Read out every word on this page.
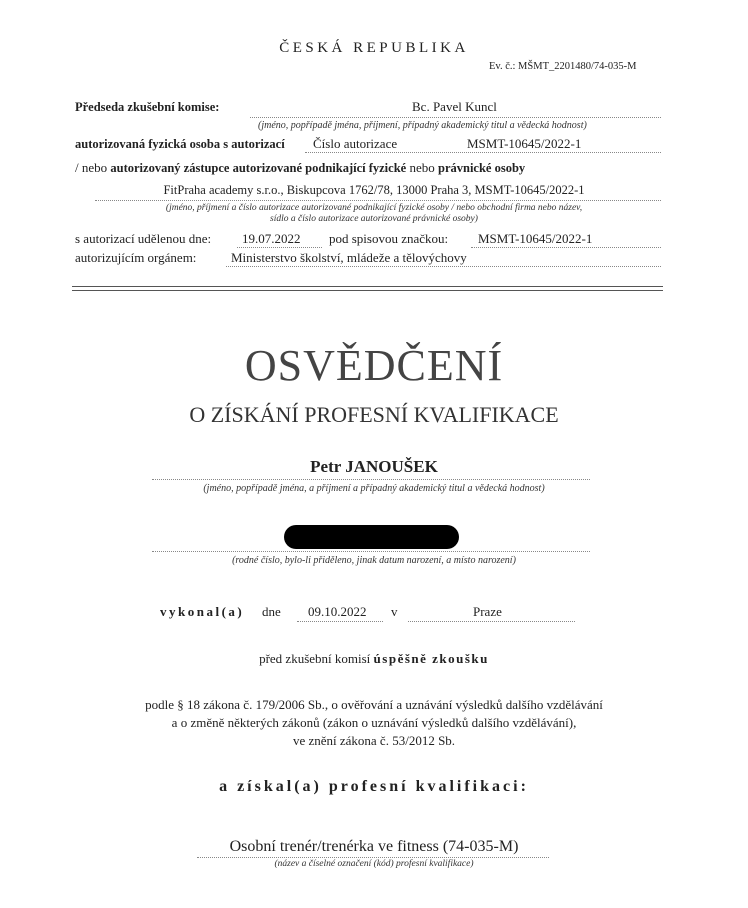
ČESKÁ REPUBLIKA
Ev. č.: MŠMT_2201480/74-035-M
Předseda zkušební komise:	Bc. Pavel Kuncl
(jméno, popřípadě jména, příjmení, případný akademický titul a vědecká hodnost)
autorizovaná fyzická osoba s autorizací Číslo autorizace	MSMT-10645/2022-1
/ nebo autorizovaný zástupce autorizované podnikající fyzické nebo právnické osoby
FitPraha academy s.r.o., Biskupcova 1762/78, 13000 Praha 3, MSMT-10645/2022-1
(jméno, příjmení a číslo autorizace autorizované podnikající fyzické osoby / nebo obchodní firma nebo název,
sídlo a číslo autorizace autorizované právnické osoby)
s autorizací udělenou dne: 19.07.2022 pod spisovou značkou: MSMT-10645/2022-1
autorizujícím orgánem:	Ministerstvo školství, mládeže a tělovýchovy
OSVĚDČENÍ
O ZÍSKÁNÍ PROFESNÍ KVALIFIKACE
Petr JANOUŠEK
(jméno, popřípadě jména, a příjmení a případný akademický titul a vědecká hodnost)
(rodné číslo, bylo-li přiděleno, jinak datum narození, a místo narození)
vykonal(a) dne 09.10.2022 v	Praze
před zkušební komisí úspěšně zkoušku
podle § 18 zákona č. 179/2006 Sb., o ověřování a uznávání výsledků dalšího vzdělávání
a o změně některých zákonů (zákon o uznávání výsledků dalšího vzdělávání),
ve znění zákona č. 53/2012 Sb.
a získal(a) profesní kvalifikaci:
Osobní trenér/trenérka ve fitness (74-035-M)
(název a číselné označení (kód) profesní kvalifikace)
